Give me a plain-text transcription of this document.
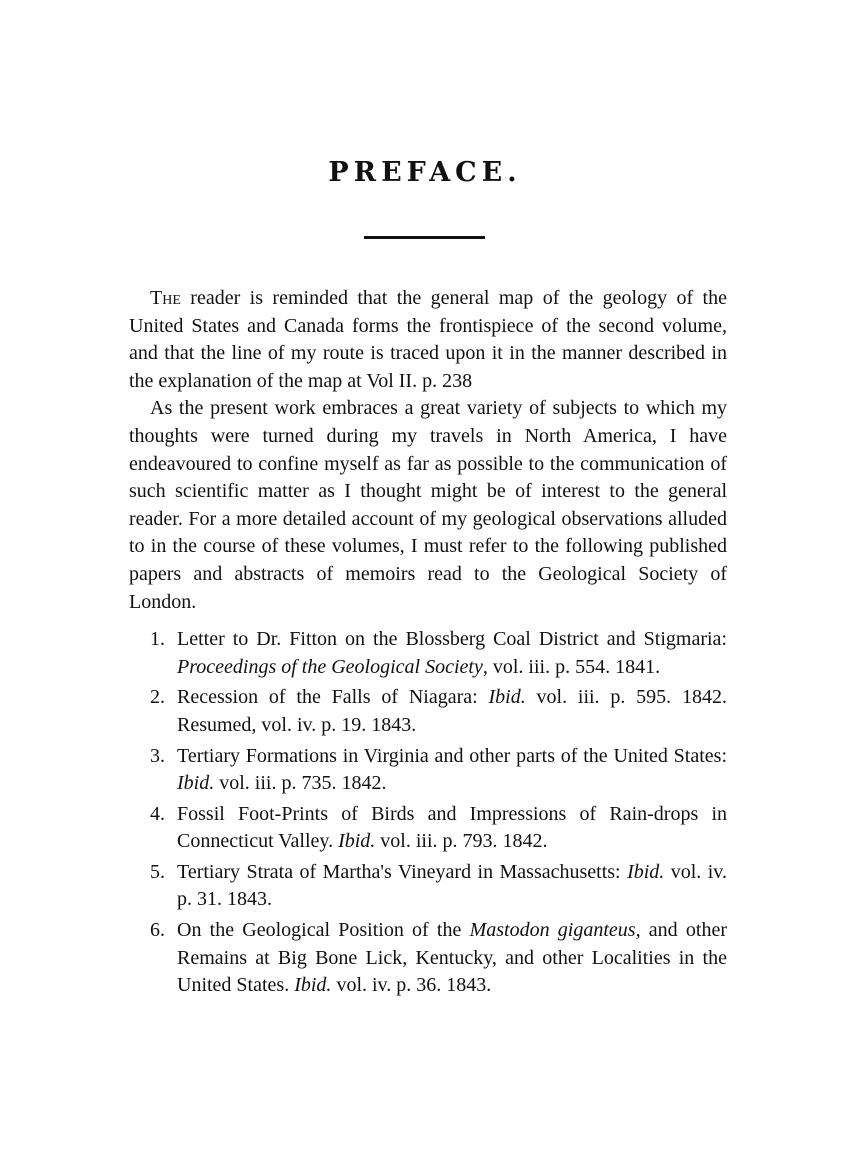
PREFACE.

The reader is reminded that the general map of the geology of the United States and Canada forms the frontispiece of the second volume, and that the line of my route is traced upon it in the manner described in the explanation of the map at Vol II. p. 238

As the present work embraces a great variety of subjects to which my thoughts were turned during my travels in North America, I have endeavoured to confine myself as far as possible to the communication of such scientific matter as I thought might be of interest to the general reader. For a more detailed account of my geological observations alluded to in the course of these volumes, I must refer to the following published papers and abstracts of memoirs read to the Geological Society of London.

1. Letter to Dr. Fitton on the Blossberg Coal District and Stigmaria: Proceedings of the Geological Society, vol. iii. p. 554. 1841.
2. Recession of the Falls of Niagara: Ibid. vol. iii. p. 595. 1842. Resumed, vol. iv. p. 19. 1843.
3. Tertiary Formations in Virginia and other parts of the United States: Ibid. vol. iii. p. 735. 1842.
4. Fossil Foot-Prints of Birds and Impressions of Rain-drops in Connecticut Valley. Ibid. vol. iii. p. 793. 1842.
5. Tertiary Strata of Martha's Vineyard in Massachusetts: Ibid. vol. iv. p. 31. 1843.
6. On the Geological Position of the Mastodon giganteus, and other Remains at Big Bone Lick, Kentucky, and other Localities in the United States. Ibid. vol. iv. p. 36. 1843.
